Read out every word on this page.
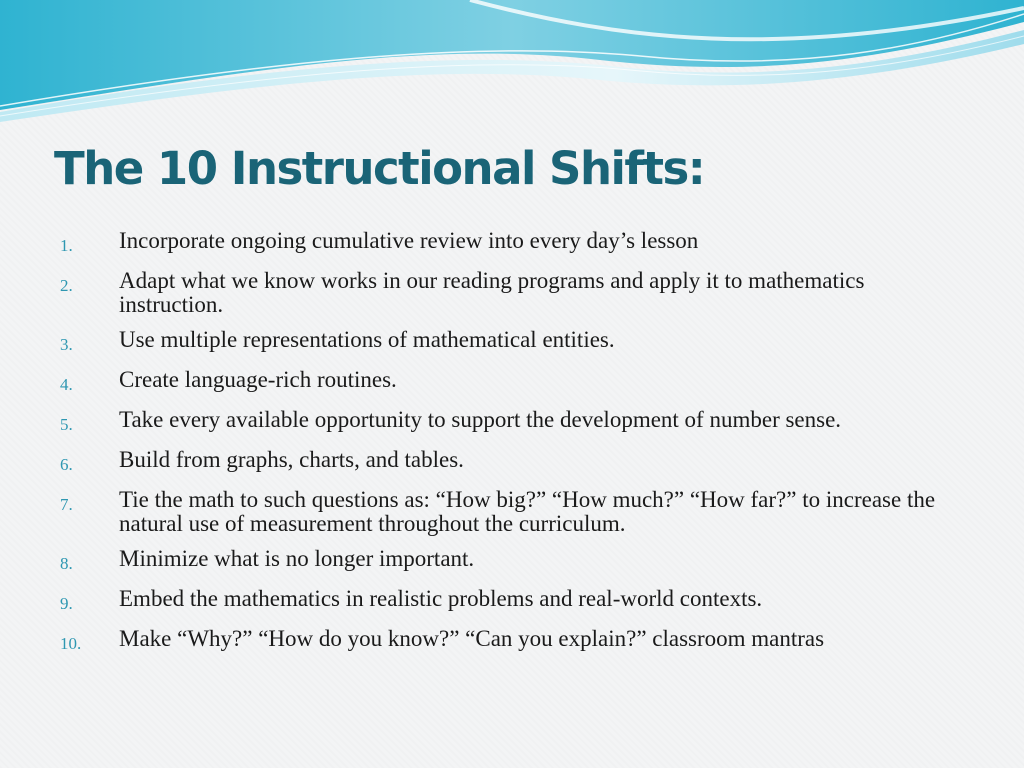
The 10 Instructional Shifts:
1.	Incorporate ongoing cumulative review into every day’s lesson
2.	Adapt what we know works in our reading programs and apply it to mathematics instruction.
3.	Use multiple representations of mathematical entities.
4.	Create language-rich routines.
5.	Take every available opportunity to support the development of number sense.
6.	Build from graphs, charts, and tables.
7.	Tie the math to such questions as: “How big?” “How much?” “How far?” to increase the natural use of measurement throughout the curriculum.
8.	Minimize what is no longer important.
9.	Embed the mathematics in realistic problems and real-world contexts.
10.	Make “Why?” “How do you know?” “Can you explain?” classroom mantras
